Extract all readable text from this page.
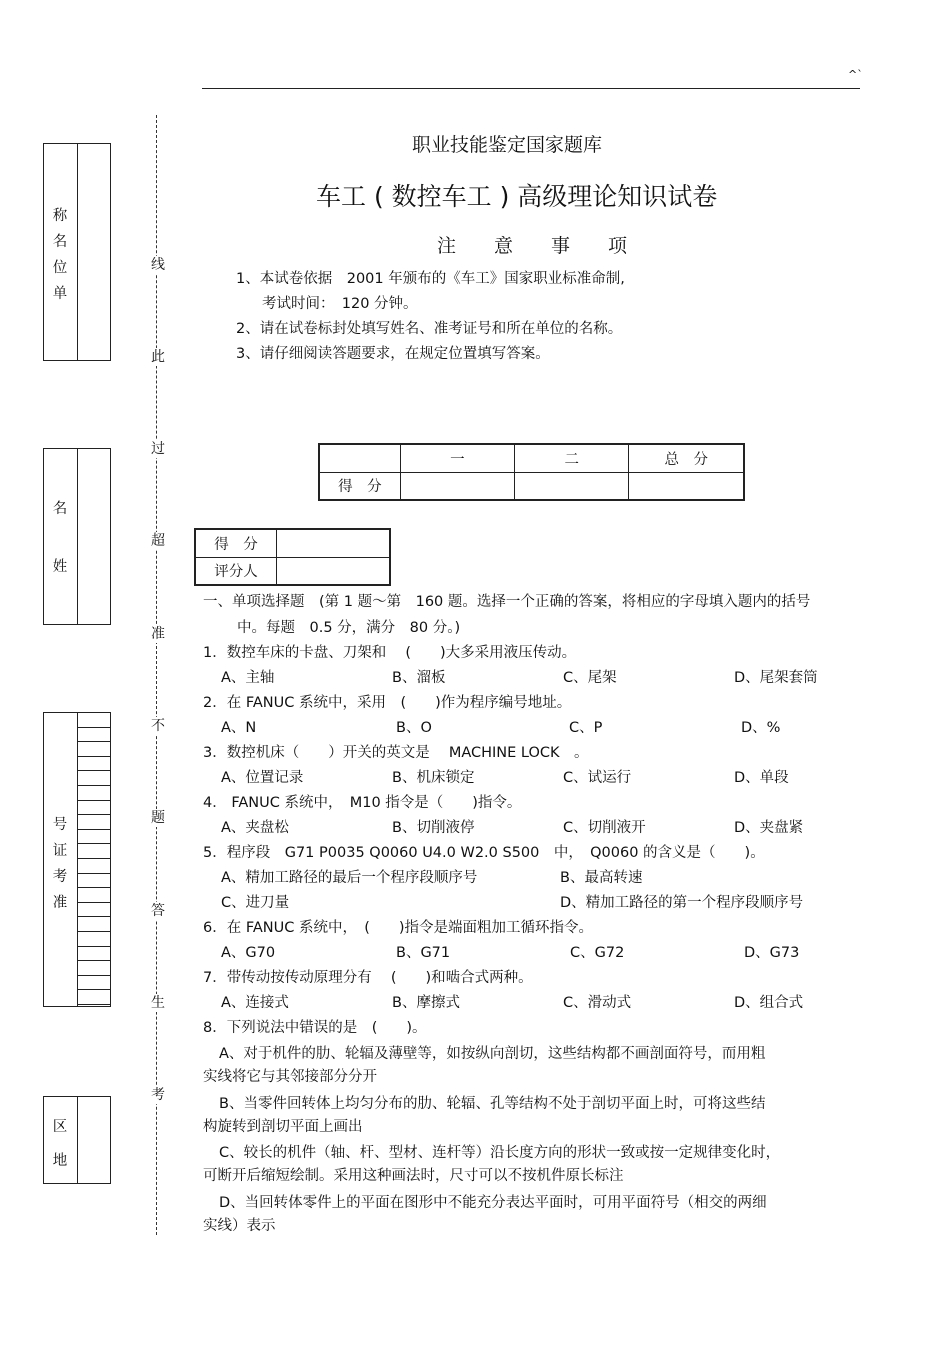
^`
线
此
过
超
准
不
题
答
生
考
称
名
位
单
名
姓
号
证
考
准
区
地
职业技能鉴定国家题库
车工 ( 数控车工 ) 高级理论知识试卷
注　　意　　事　　项
1、本试卷依据　2001 年颁布的《车工》国家职业标准命制,
考试时间：　120 分钟。
2、请在试卷标封处填写姓名、准考证号和所在单位的名称。
3、请仔细阅读答题要求，在规定位置填写答案。
	一	二	总　分
得　分			
得　分	
评分人	
一、单项选择题　(第 1 题～第　160 题。选择一个正确的答案，将相应的字母填入题内的括号
中。每题　0.5 分，满分　80 分。)
1．数控车床的卡盘、刀架和　 (　　)大多采用液压传动。
A、主轴	B、溜板	C、尾架	D、尾架套筒
2．在 FANUC 系统中，采用　(　　)作为程序编号地址。
A、N	B、O	C、P	D、%
3．数控机床（　　）开关的英文是　 MACHINE LOCK　。
A、位置记录	B、机床锁定	C、试运行	D、单段
4． FANUC 系统中，　M10 指令是（　　)指令。
A、夹盘松	B、切削液停	C、切削液开	D、夹盘紧
5．程序段　G71 P0035 Q0060 U4.0 W2.0 S500　中，　Q0060 的含义是（　　)。
A、精加工路径的最后一个程序段顺序号	B、最高转速
C、进刀量	D、精加工路径的第一个程序段顺序号
6．在 FANUC 系统中，　(　　)指令是端面粗加工循环指令。
A、G70	B、G71	C、G72	D、G73
7．带传动按传动原理分有　 (　　)和啮合式两种。
A、连接式	B、摩擦式	C、滑动式	D、组合式
8．下列说法中错误的是　(　　)。
A、对于机件的肋、轮辐及薄壁等，如按纵向剖切，这些结构都不画剖面符号，而用粗
实线将它与其邻接部分分开
B、当零件回转体上均匀分布的肋、轮辐、孔等结构不处于剖切平面上时，可将这些结
构旋转到剖切平面上画出
C、较长的机件（轴、杆、型材、连杆等）沿长度方向的形状一致或按一定规律变化时，
可断开后缩短绘制。采用这种画法时，尺寸可以不按机件原长标注
D、当回转体零件上的平面在图形中不能充分表达平面时，可用平面符号（相交的两细
实线）表示
